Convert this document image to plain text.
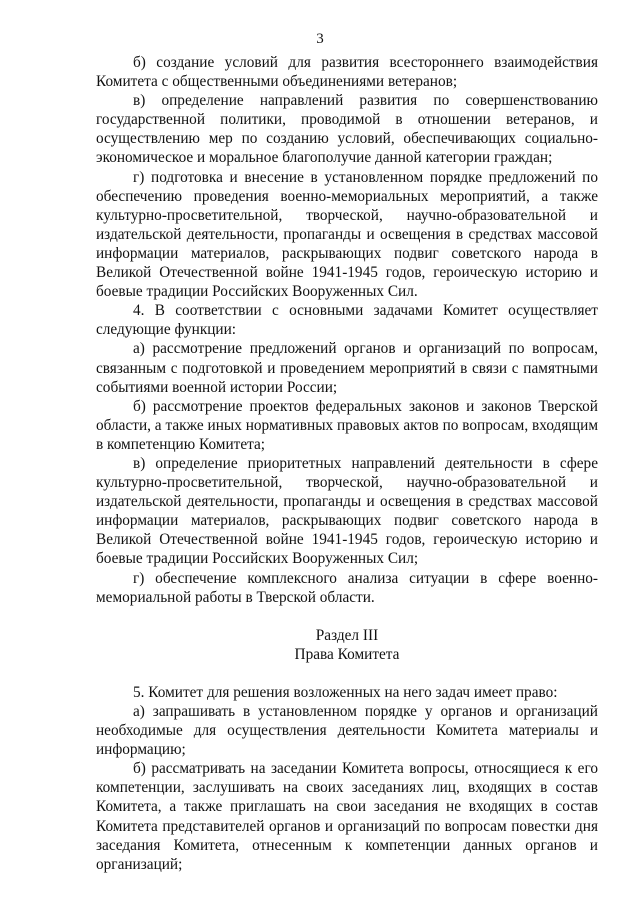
3

б) создание условий для развития всестороннего взаимодействия Комитета с общественными объединениями ветеранов;

в) определение направлений развития по совершенствованию государственной политики, проводимой в отношении ветеранов, и осуществлению мер по созданию условий, обеспечивающих социально-экономическое и моральное благополучие данной категории граждан;

г) подготовка и внесение в установленном порядке предложений по обеспечению проведения военно-мемориальных мероприятий, а также культурно-просветительной, творческой, научно-образовательной и издательской деятельности, пропаганды и освещения в средствах массовой информации материалов, раскрывающих подвиг советского народа в Великой Отечественной войне 1941-1945 годов, героическую историю и боевые традиции Российских Вооруженных Сил.

4. В соответствии с основными задачами Комитет осуществляет следующие функции:

а) рассмотрение предложений органов и организаций по вопросам, связанным с подготовкой и проведением мероприятий в связи с памятными событиями военной истории России;

б) рассмотрение проектов федеральных законов и законов Тверской области, а также иных нормативных правовых актов по вопросам, входящим в компетенцию Комитета;

в) определение приоритетных направлений деятельности в сфере культурно-просветительной, творческой, научно-образовательной и издательской деятельности, пропаганды и освещения в средствах массовой информации материалов, раскрывающих подвиг советского народа в Великой Отечественной войне 1941-1945 годов, героическую историю и боевые традиции Российских Вооруженных Сил;

г) обеспечение комплексного анализа ситуации в сфере военно-мемориальной работы в Тверской области.

Раздел III

Права Комитета

5. Комитет для решения возложенных на него задач имеет право:

а) запрашивать в установленном порядке у органов и организаций необходимые для осуществления деятельности Комитета материалы и информацию;

б) рассматривать на заседании Комитета вопросы, относящиеся к его компетенции, заслушивать на своих заседаниях лиц, входящих в состав Комитета, а также приглашать на свои заседания не входящих в состав Комитета представителей органов и организаций по вопросам повестки дня заседания Комитета, отнесенным к компетенции данных органов и организаций;
